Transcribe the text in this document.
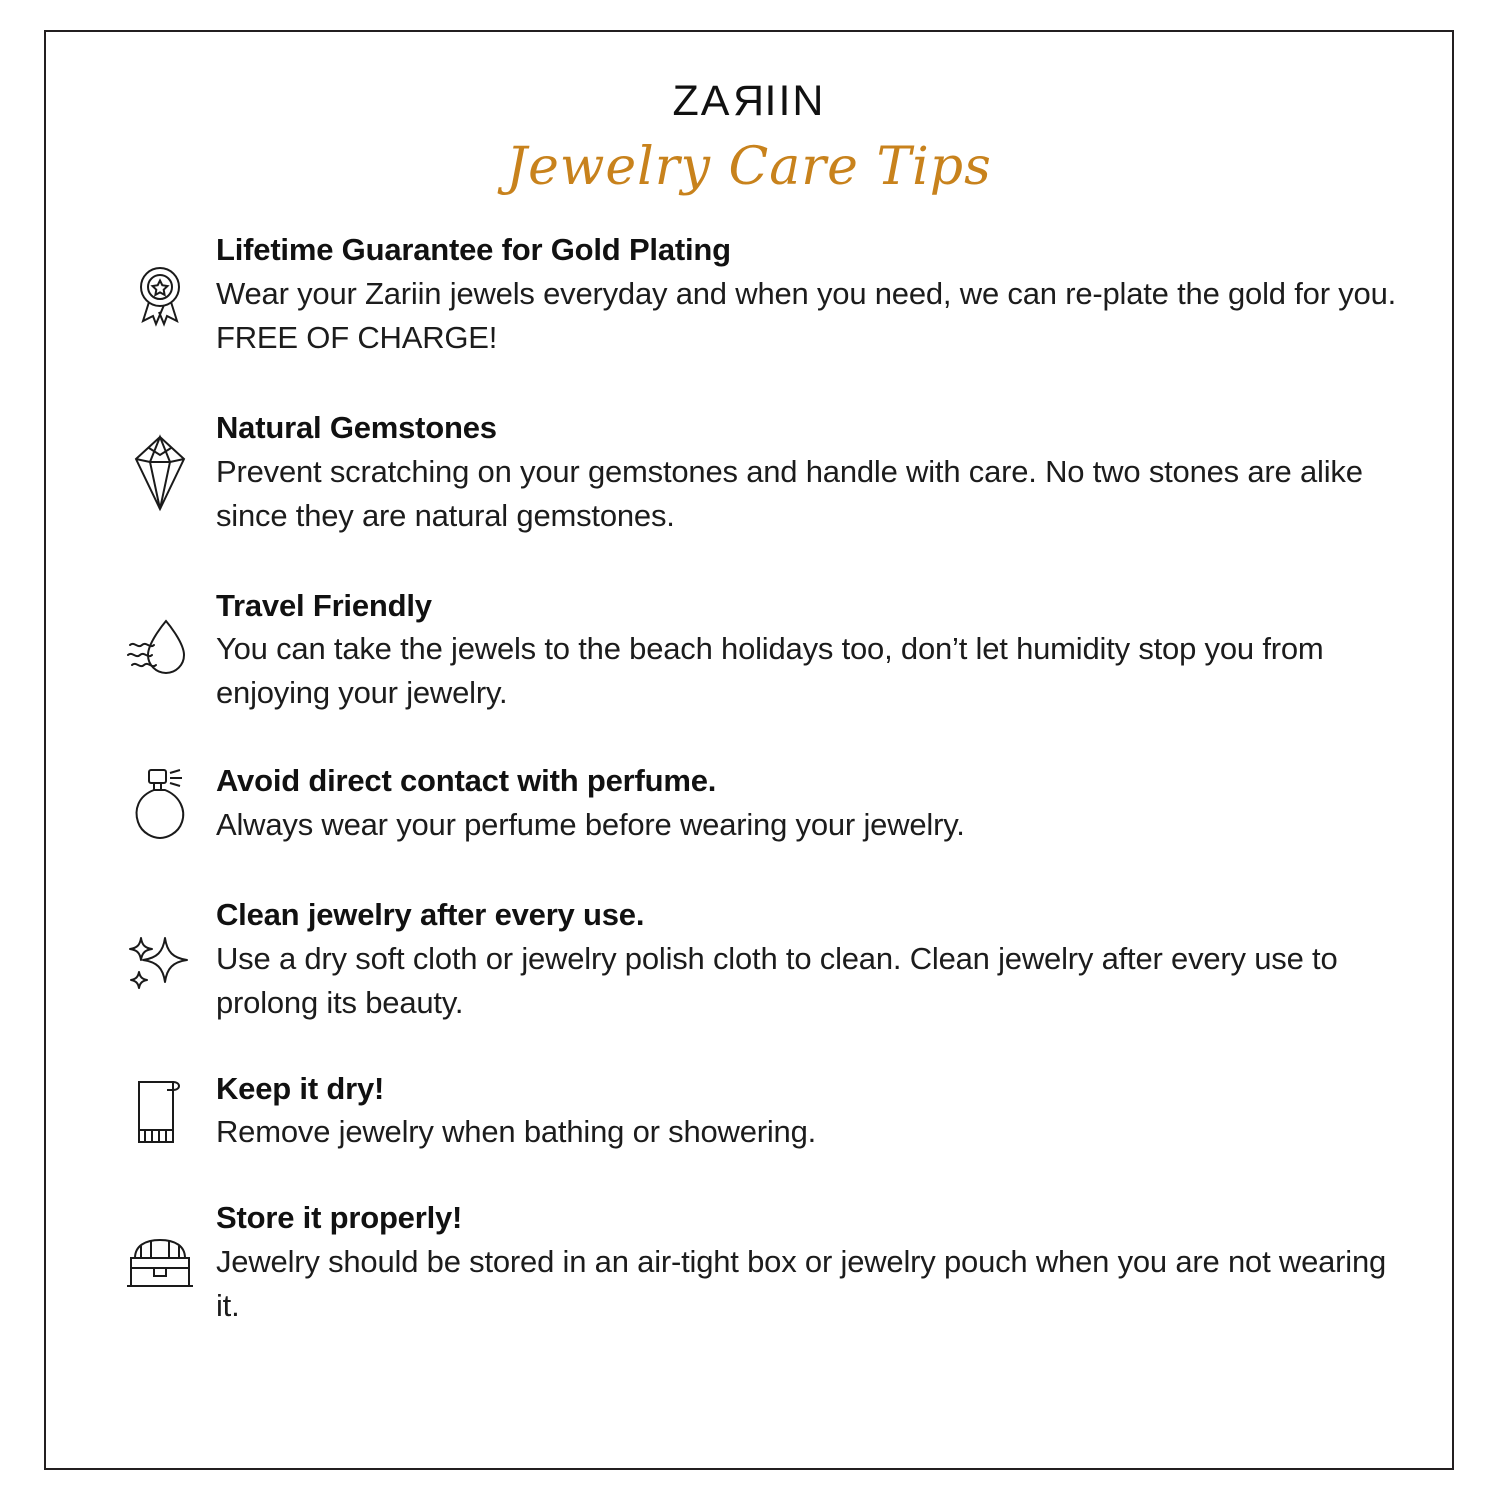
ZARIIN
Jewelry Care Tips
Lifetime Guarantee for Gold Plating
Wear your Zariin jewels everyday and when you need, we can re-plate the gold for you. FREE OF CHARGE!
Natural Gemstones
Prevent scratching on your gemstones and handle with care. No two stones are alike since they are natural gemstones.
Travel Friendly
You can take the jewels to the beach holidays too, don’t let humidity stop you from enjoying your jewelry.
Avoid direct contact with perfume.
Always wear your perfume before wearing your jewelry.
Clean jewelry after every use.
Use a dry soft cloth or jewelry polish cloth to clean. Clean jewelry after every use to prolong its beauty.
Keep it dry!
Remove jewelry when bathing or showering.
Store it properly!
Jewelry should be stored in an air-tight box or jewelry pouch when you are not wearing it.
